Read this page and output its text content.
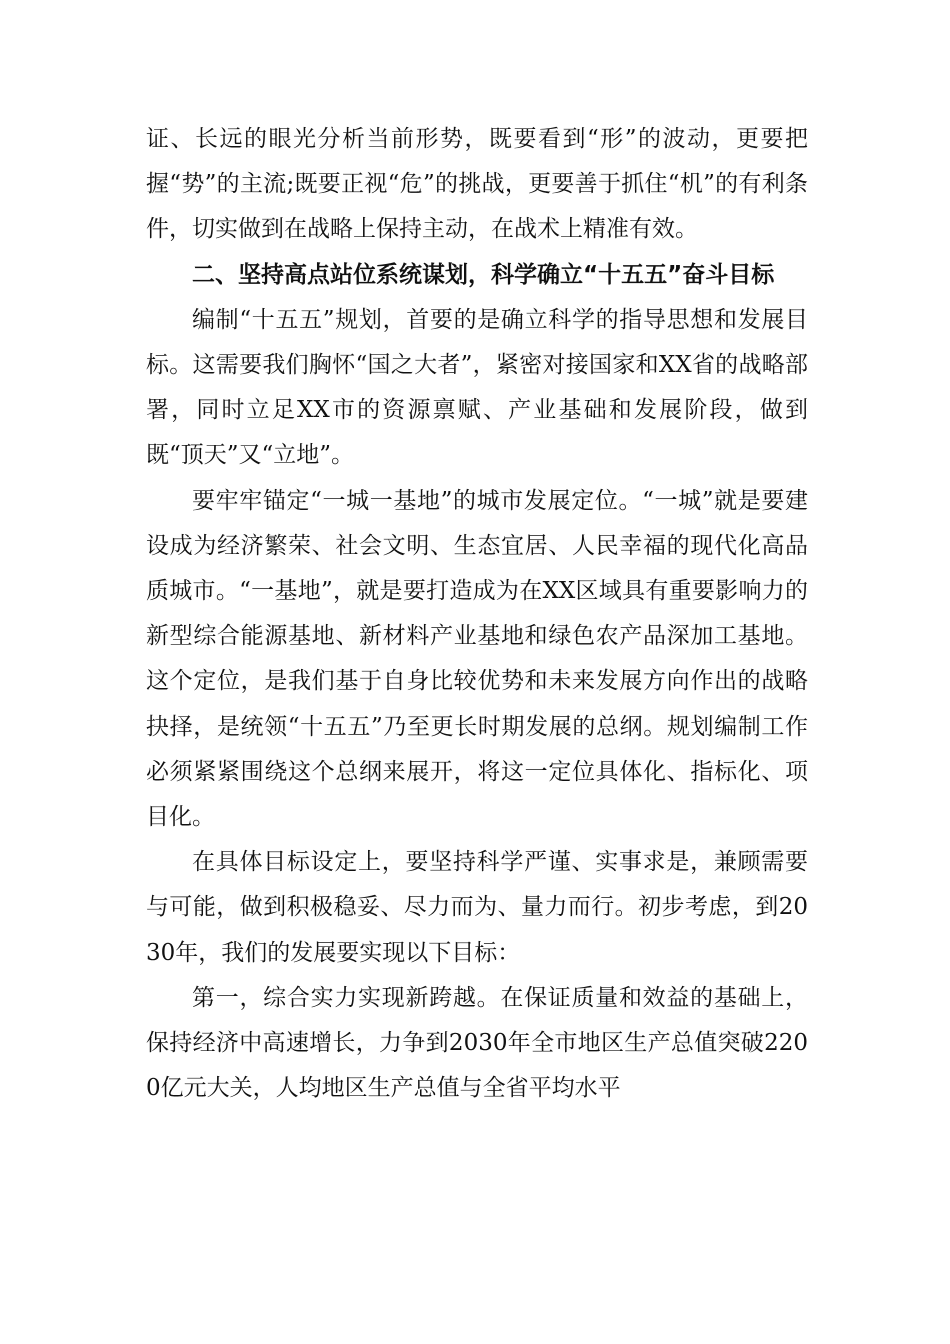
证、长远的眼光分析当前形势，既要看到“形”的波动，更要把握“势”的主流;既要正视“危”的挑战，更要善于抓住“机”的有利条件，切实做到在战略上保持主动，在战术上精准有效。

二、坚持高点站位系统谋划，科学确立“十五五”奋斗目标

编制“十五五”规划，首要的是确立科学的指导思想和发展目标。这需要我们胸怀“国之大者”，紧密对接国家和XX省的战略部署，同时立足XX市的资源禀赋、产业基础和发展阶段，做到既“顶天”又“立地”。

要牢牢锚定“一城一基地”的城市发展定位。“一城”就是要建设成为经济繁荣、社会文明、生态宜居、人民幸福的现代化高品质城市。“一基地”，就是要打造成为在XX区域具有重要影响力的新型综合能源基地、新材料产业基地和绿色农产品深加工基地。这个定位，是我们基于自身比较优势和未来发展方向作出的战略抉择，是统领“十五五”乃至更长时期发展的总纲。规划编制工作必须紧紧围绕这个总纲来展开，将这一定位具体化、指标化、项目化。

在具体目标设定上，要坚持科学严谨、实事求是，兼顾需要与可能，做到积极稳妥、尽力而为、量力而行。初步考虑，到2030年，我们的发展要实现以下目标：

第一，综合实力实现新跨越。在保证质量和效益的基础上，保持经济中高速增长，力争到2030年全市地区生产总值突破2200亿元大关，人均地区生产总值与全省平均水平
